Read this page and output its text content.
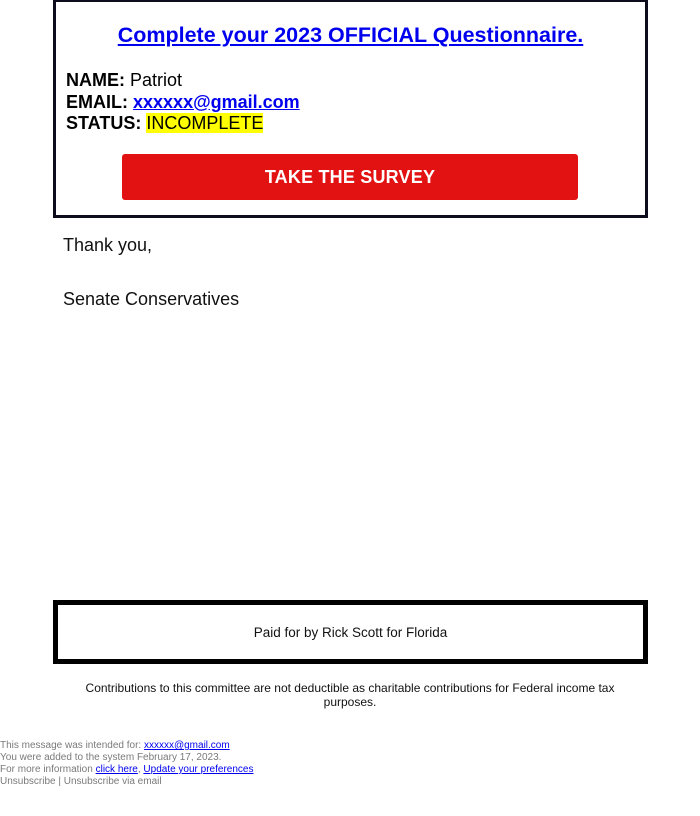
Complete your 2023 OFFICIAL Questionnaire.
NAME: Patriot
EMAIL: xxxxxx@gmail.com
STATUS: INCOMPLETE
TAKE THE SURVEY
Thank you,
Senate Conservatives
Paid for by Rick Scott for Florida
Contributions to this committee are not deductible as charitable contributions for Federal income tax purposes.
This message was intended for: xxxxxx@gmail.com
You were added to the system February 17, 2023.
For more information click here, Update your preferences
Unsubscribe | Unsubscribe via email
